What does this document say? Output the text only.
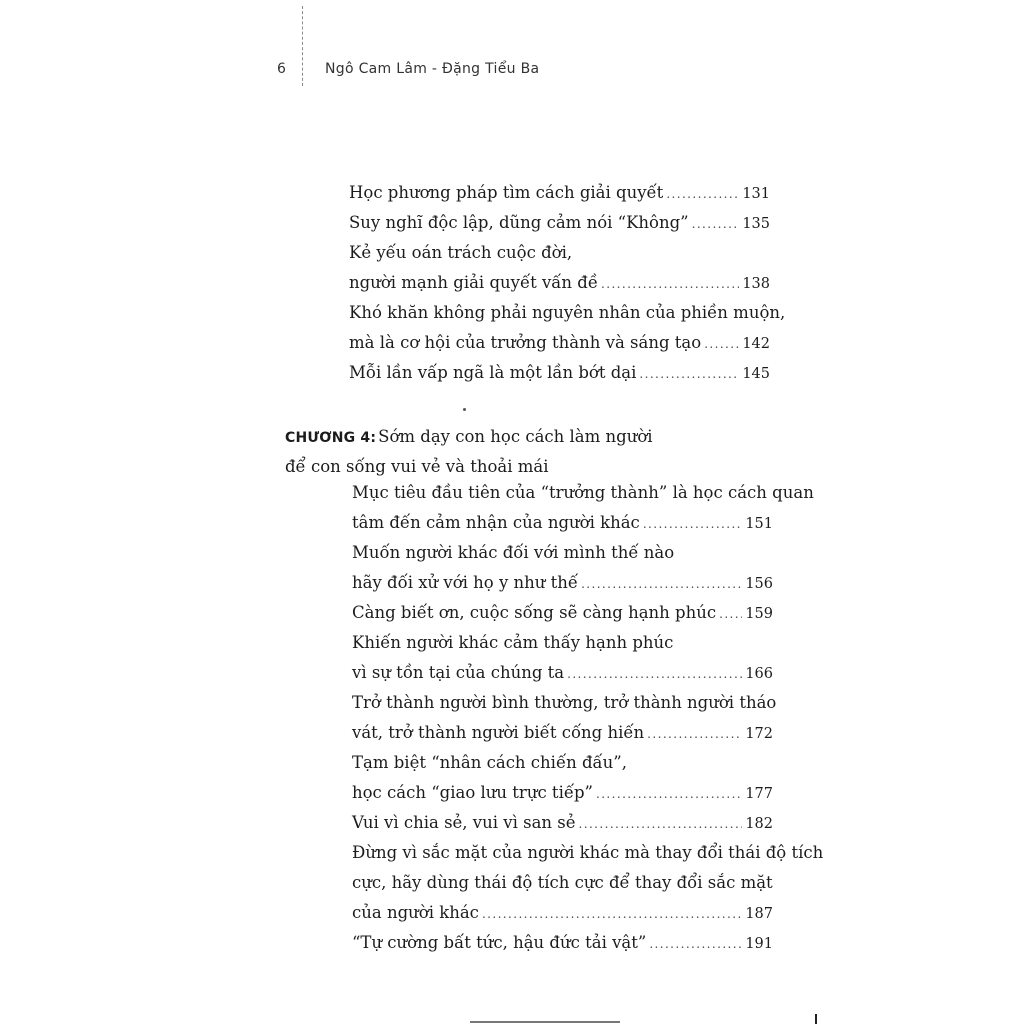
6	Ngô Cam Lâm - Đặng Tiểu Ba
Học phương pháp tìm cách giải quyết .....	131
Suy nghĩ độc lập, dũng cảm nói “Không” .....	135
Kẻ yếu oán trách cuộc đời,
người mạnh giải quyết vấn đề .....	138
Khó khăn không phải nguyên nhân của phiền muộn,
mà là cơ hội của trưởng thành và sáng tạo .....	142
Mỗi lần vấp ngã là một lần bớt dại .....	145
CHƯƠNG 4: Sớm dạy con học cách làm người
để con sống vui vẻ và thoải mái
Mục tiêu đầu tiên của “trưởng thành” là học cách quan
tâm đến cảm nhận của người khác .....	151
Muốn người khác đối với mình thế nào
hãy đối xử với họ y như thế .....	156
Càng biết ơn, cuộc sống sẽ càng hạnh phúc ..... 159
Khiến người khác cảm thấy hạnh phúc
vì sự tồn tại của chúng ta .....	166
Trở thành người bình thường, trở thành người tháo
vát, trở thành người biết cống hiến .....	172
Tạm biệt “nhân cách chiến đấu”,
học cách “giao lưu trực tiếp” .....	177
Vui vì chia sẻ, vui vì san sẻ .....	182
Đừng vì sắc mặt của người khác mà thay đổi thái độ tích
cực, hãy dùng thái độ tích cực để thay đổi sắc mặt
của người khác .....	187
“Tự cường bất tức, hậu đức tải vật” .....	191
